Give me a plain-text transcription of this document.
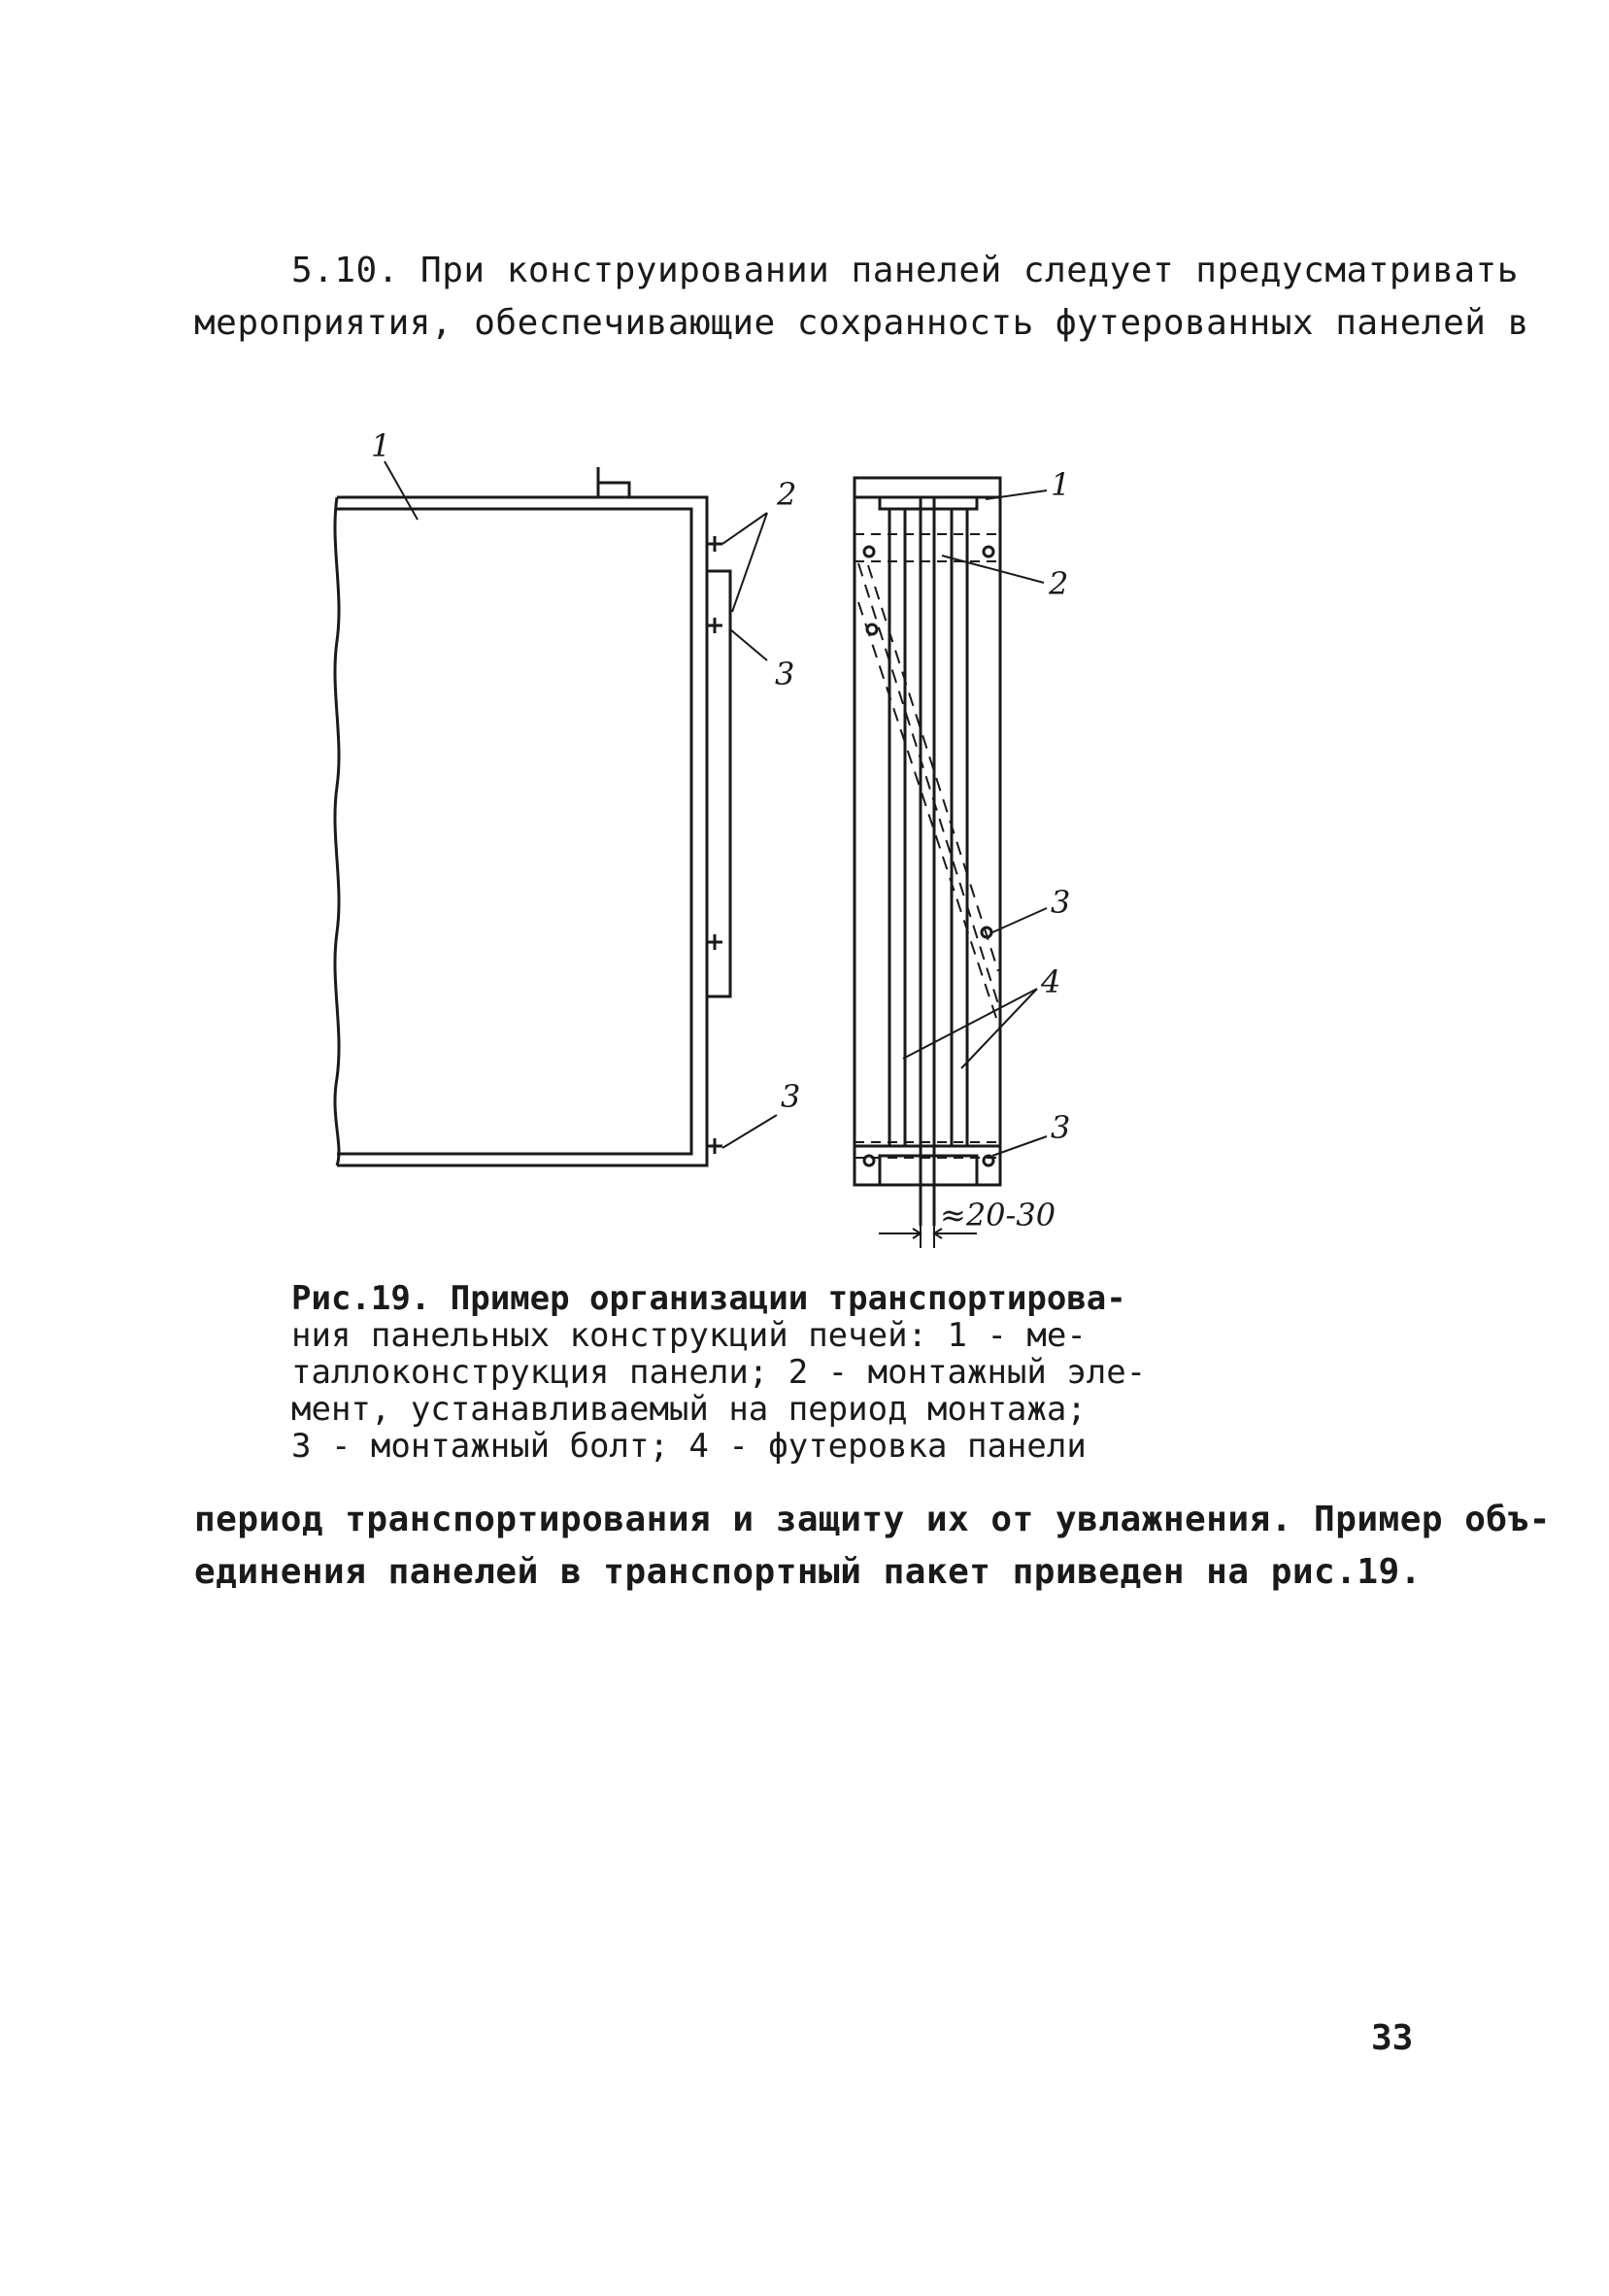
5.10. При конструировании панелей следует предусматривать
мероприятия, обеспечивающие сохранность футерованных панелей в

1
2
3
3
1
2
3
4
3
≈20-30

Рис.19. Пример организации транспортирова-
ния панельных конструкций печей: 1 - ме-
таллоконструкция панели; 2 - монтажный эле-
мент, устанавливаемый на период монтажа;
3 - монтажный болт; 4 - футеровка панели

период транспортирования и защиту их от увлажнения. Пример объ-
единения панелей в транспортный пакет приведен на рис.19.

33
